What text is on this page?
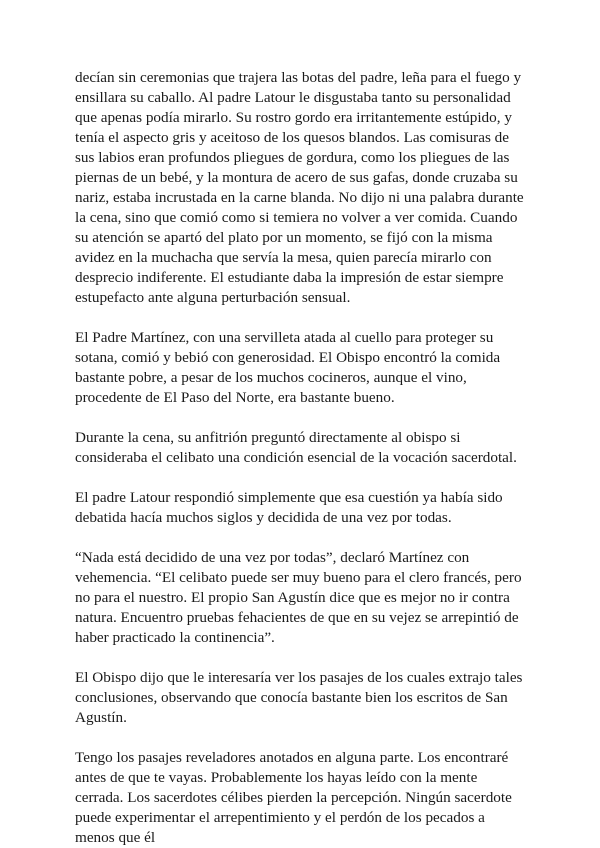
decían sin ceremonias que trajera las botas del padre, leña para el fuego y ensillara su caballo. Al padre Latour le disgustaba tanto su personalidad que apenas podía mirarlo. Su rostro gordo era irritantemente estúpido, y tenía el aspecto gris y aceitoso de los quesos blandos. Las comisuras de sus labios eran profundos pliegues de gordura, como los pliegues de las piernas de un bebé, y la montura de acero de sus gafas, donde cruzaba su nariz, estaba incrustada en la carne blanda. No dijo ni una palabra durante la cena, sino que comió como si temiera no volver a ver comida. Cuando su atención se apartó del plato por un momento, se fijó con la misma avidez en la muchacha que servía la mesa, quien parecía mirarlo con desprecio indiferente. El estudiante daba la impresión de estar siempre estupefacto ante alguna perturbación sensual.

El Padre Martínez, con una servilleta atada al cuello para proteger su sotana, comió y bebió con generosidad. El Obispo encontró la comida bastante pobre, a pesar de los muchos cocineros, aunque el vino, procedente de El Paso del Norte, era bastante bueno.

Durante la cena, su anfitrión preguntó directamente al obispo si consideraba el celibato una condición esencial de la vocación sacerdotal.

El padre Latour respondió simplemente que esa cuestión ya había sido debatida hacía muchos siglos y decidida de una vez por todas.

“Nada está decidido de una vez por todas”, declaró Martínez con vehemencia. “El celibato puede ser muy bueno para el clero francés, pero no para el nuestro. El propio San Agustín dice que es mejor no ir contra natura. Encuentro pruebas fehacientes de que en su vejez se arrepintió de haber practicado la continencia”.

El Obispo dijo que le interesaría ver los pasajes de los cuales extrajo tales conclusiones, observando que conocía bastante bien los escritos de San Agustín.

Tengo los pasajes reveladores anotados en alguna parte. Los encontraré antes de que te vayas. Probablemente los hayas leído con la mente cerrada. Los sacerdotes célibes pierden la percepción. Ningún sacerdote puede experimentar el arrepentimiento y el perdón de los pecados a menos que él
